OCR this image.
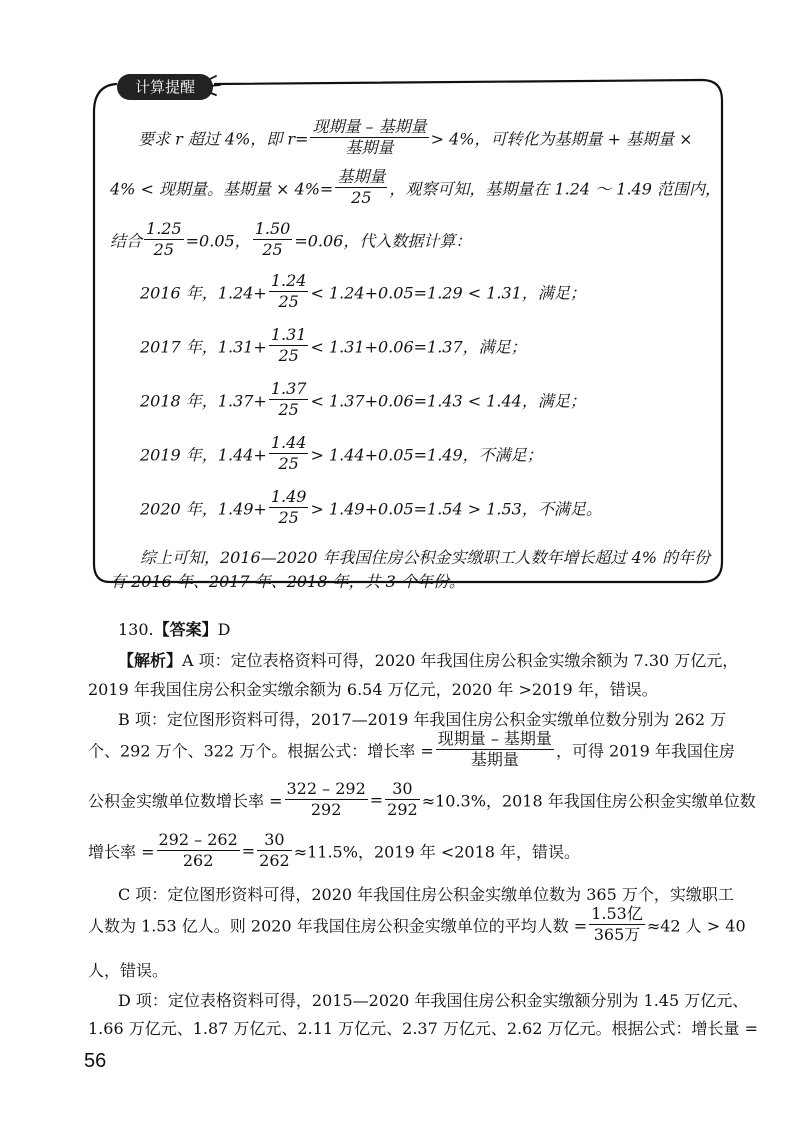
计算提醒
要求 r 超过 4%，即 $r= \frac{\text{现期量 – 基期量}}{\text{基期量}} > 4\%$，可转化为基期量 + 基期量 ×
4% < 现期量。基期量 × $4\%= \frac{\text{基期量}}{25}$ ，观察可知，基期量在 1.24 ～ 1.49 范围内，
结合 $\frac{1.25}{25} =0.05$， $\frac{1.50}{25} =0.06$，代入数据计算：
2016 年，$1.24+ \frac{1.24}{25} < 1.24+0.05=1.29 < 1.31$，满足；
2017 年，$1.31+ \frac{1.31}{25} < 1.31+0.06=1.37$，满足；
2018 年，$1.37+ \frac{1.37}{25} < 1.37+0.06=1.43 < 1.44$，满足；
2019 年，$1.44+ \frac{1.44}{25} > 1.44+0.05=1.49$，不满足；
2020 年，$1.49+ \frac{1.49}{25} > 1.49+0.05=1.54 > 1.53$，不满足。
综上可知，2016—2020 年我国住房公积金实缴职工人数年增长超过 4% 的年份
有 2016 年、2017 年、2018 年，共 3 个年份。
130.【答案】D
【解析】A 项：定位表格资料可得，2020 年我国住房公积金实缴余额为 7.30 万亿元，
2019 年我国住房公积金实缴余额为 6.54 万亿元，2020 年 >2019 年，错误。
B 项：定位图形资料可得，2017—2019 年我国住房公积金实缴单位数分别为 262 万
个、292 万个、322 万个。根据公式：增长率 = $\frac{\text{现期量 – 基期量}}{\text{基期量}}$ ，可得 2019 年我国住房
公积金实缴单位数增长率 = $\frac{322 - 292}{292} = \frac{30}{292} \approx 10.3\%$，2018 年我国住房公积金实缴单位数
增长率 = $\frac{292 - 262}{262} = \frac{30}{262} \approx 11.5\%$，2019 年 <2018 年，错误。
C 项：定位图形资料可得，2020 年我国住房公积金实缴单位数为 365 万个，实缴职工
人数为 1.53 亿人。则 2020 年我国住房公积金实缴单位的平均人数 = $\frac{\text{1.53亿}}{\text{365万}} \approx 42$ 人 > 40
人，错误。
D 项：定位表格资料可得，2015—2020 年我国住房公积金实缴额分别为 1.45 万亿元、
1.66 万亿元、1.87 万亿元、2.11 万亿元、2.37 万亿元、2.62 万亿元。根据公式：增长量 =
56
